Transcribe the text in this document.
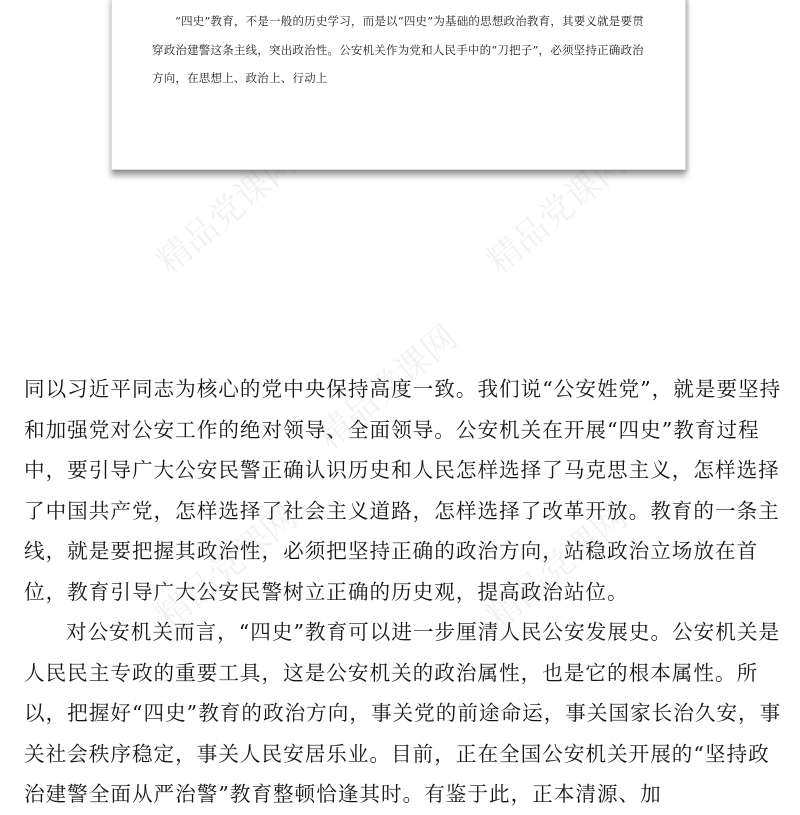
精品党课网	精品党课网
精品党课网
精品党课网	精品党课网

“四史”教育，不是一般的历史学习，而是以“四史”为基础的思想政治教育，其要义就是要贯穿政治建警这条主线，突出政治性。公安机关作为党和人民手中的“刀把子”，必须坚持正确政治方向，在思想上、政治上、行动上

同以习近平同志为核心的党中央保持高度一致。我们说“公安姓党”，就是要坚持和加强党对公安工作的绝对领导、全面领导。公安机关在开展“四史”教育过程中，要引导广大公安民警正确认识历史和人民怎样选择了马克思主义，怎样选择了中国共产党，怎样选择了社会主义道路，怎样选择了改革开放。教育的一条主线，就是要把握其政治性，必须把坚持正确的政治方向，站稳政治立场放在首位，教育引导广大公安民警树立正确的历史观，提高政治站位。

对公安机关而言，“四史”教育可以进一步厘清人民公安发展史。公安机关是人民民主专政的重要工具，这是公安机关的政治属性，也是它的根本属性。所以，把握好“四史”教育的政治方向，事关党的前途命运，事关国家长治久安，事关社会秩序稳定，事关人民安居乐业。目前，正在全国公安机关开展的“坚持政治建警全面从严治警”教育整顿恰逢其时。有鉴于此，正本清源、加
